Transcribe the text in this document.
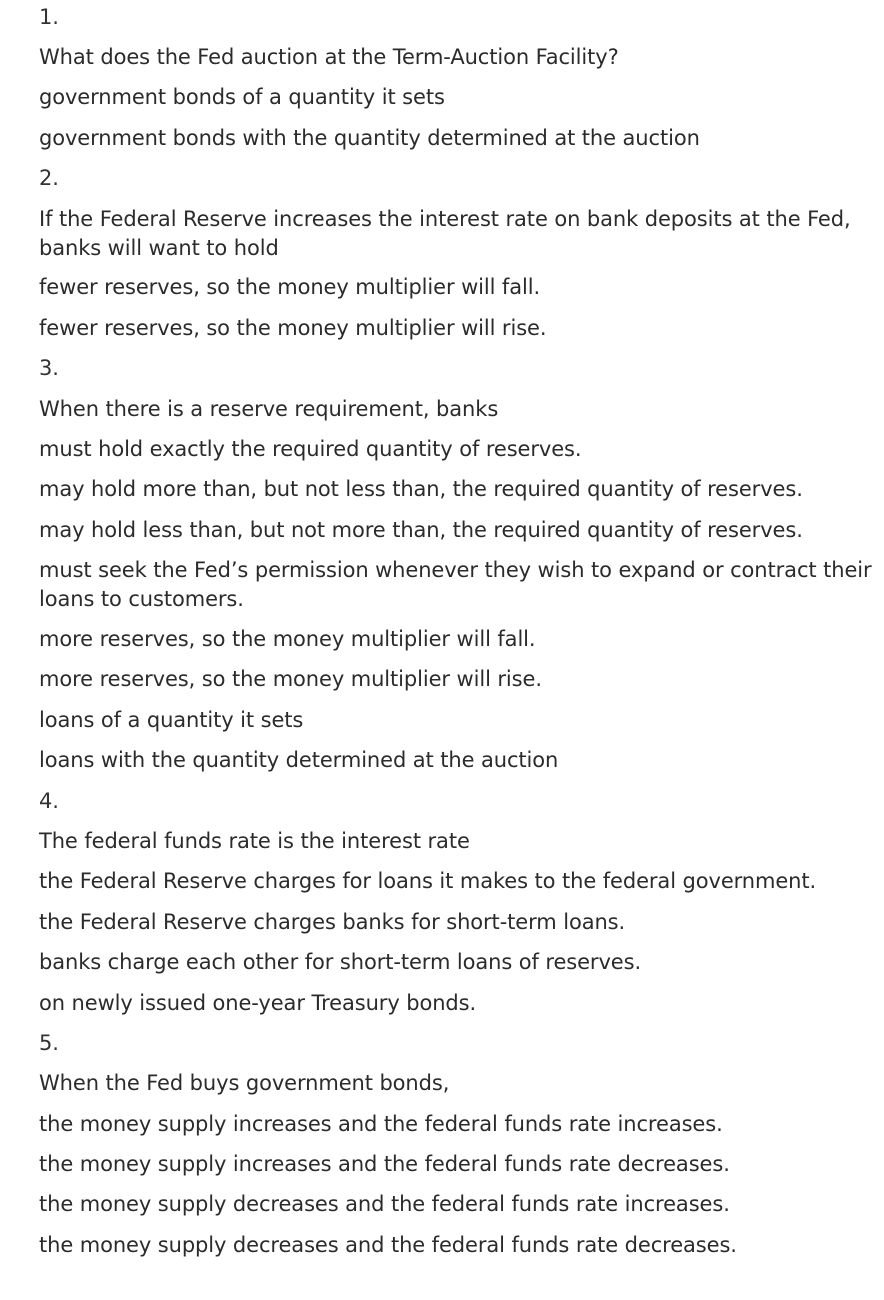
1.
What does the Fed auction at the Term-Auction Facility?
government bonds of a quantity it sets
government bonds with the quantity determined at the auction
2.
If the Federal Reserve increases the interest rate on bank deposits at the Fed, banks will want to hold
fewer reserves, so the money multiplier will fall.
fewer reserves, so the money multiplier will rise.
3.
When there is a reserve requirement, banks
must hold exactly the required quantity of reserves.
may hold more than, but not less than, the required quantity of reserves.
may hold less than, but not more than, the required quantity of reserves.
must seek the Fed’s permission whenever they wish to expand or contract their loans to customers.
more reserves, so the money multiplier will fall.
more reserves, so the money multiplier will rise.
loans of a quantity it sets
loans with the quantity determined at the auction
4.
The federal funds rate is the interest rate
the Federal Reserve charges for loans it makes to the federal government.
the Federal Reserve charges banks for short-term loans.
banks charge each other for short-term loans of reserves.
on newly issued one-year Treasury bonds.
5.
When the Fed buys government bonds,
the money supply increases and the federal funds rate increases.
the money supply increases and the federal funds rate decreases.
the money supply decreases and the federal funds rate increases.
the money supply decreases and the federal funds rate decreases.
